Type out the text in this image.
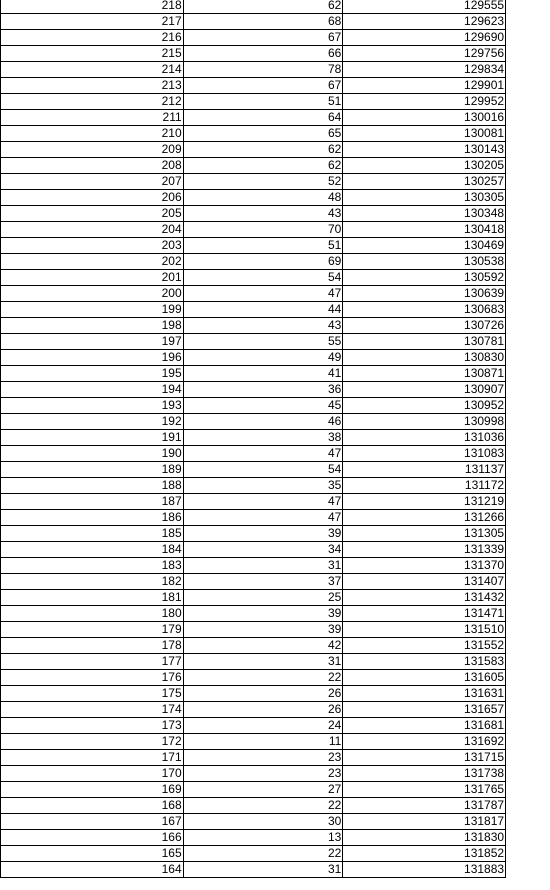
218	62	129555	
217	68	129623	
216	67	129690	
215	66	129756	
214	78	129834	
213	67	129901	
212	51	129952	
211	64	130016	
210	65	130081	
209	62	130143	
208	62	130205	
207	52	130257	
206	48	130305	
205	43	130348	
204	70	130418	
203	51	130469	
202	69	130538	
201	54	130592	
200	47	130639	
199	44	130683	
198	43	130726	
197	55	130781	
196	49	130830	
195	41	130871	
194	36	130907	
193	45	130952	
192	46	130998	
191	38	131036	
190	47	131083	
189	54	131137	
188	35	131172	
187	47	131219	
186	47	131266	
185	39	131305	
184	34	131339	
183	31	131370	
182	37	131407	
181	25	131432	
180	39	131471	
179	39	131510	
178	42	131552	
177	31	131583	
176	22	131605	
175	26	131631	
174	26	131657	
173	24	131681	
172	11	131692	
171	23	131715	
170	23	131738	
169	27	131765	
168	22	131787	
167	30	131817	
166	13	131830	
165	22	131852	
164	31	131883	
